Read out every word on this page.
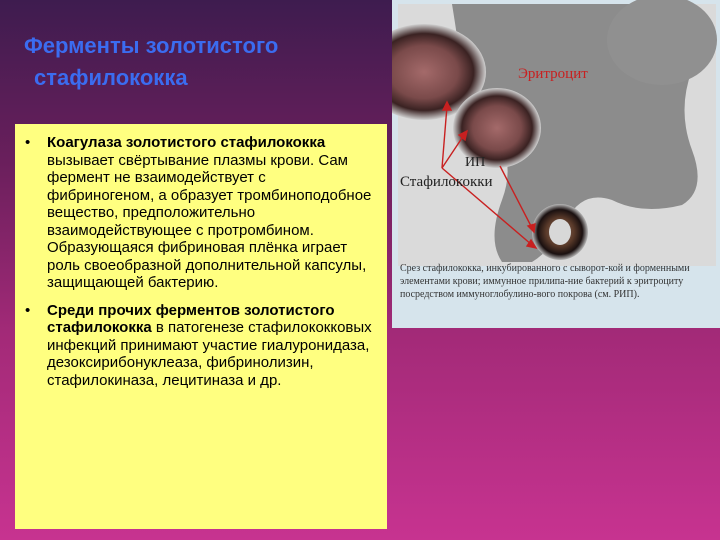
Ферменты золотистого
стафилококка	Эритроцит
ИП
Стафилококки
Срез стафилококка, инкубированного с сыворот-кой и форменными элементами крови; иммунное прилипа-ние бактерий к эритроциту посредством иммуноглобулино-вого покрова (см. РИП).
• Коагулаза золотистого стафилококка вызывает свёртывание плазмы крови. Сам фермент не взаимодействует с фибриногеном, а образует тромбиноподобное вещество, предположительно взаимодействующее с протромбином. Образующаяся фибриновая плёнка играет роль своеобразной дополнительной капсулы, защищающей бактерию.
• Среди прочих ферментов золотистого стафилококка в патогенезе стафилококковых инфекций принимают участие гиалуронидаза, дезоксирибонуклеаза, фибринолизин, стафилокиназа, лецитиназа и др.
